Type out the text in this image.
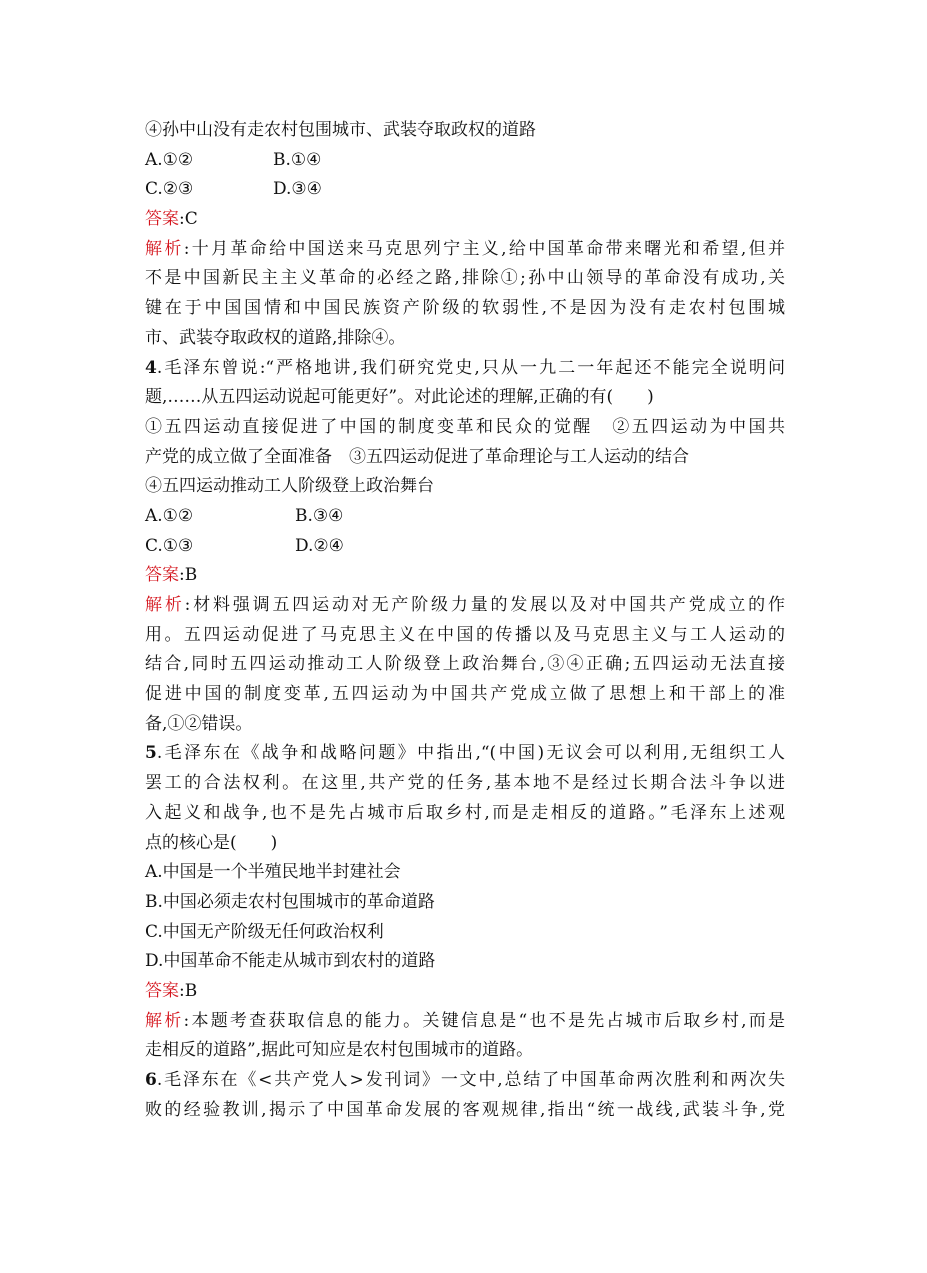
④孙中山没有走农村包围城市、武装夺取政权的道路
A.①②	B.①④
C.②③	D.③④
答案:C
解析:十月革命给中国送来马克思列宁主义,给中国革命带来曙光和希望,但并
不是中国新民主主义革命的必经之路,排除①;孙中山领导的革命没有成功,关
键在于中国国情和中国民族资产阶级的软弱性,不是因为没有走农村包围城
市、武装夺取政权的道路,排除④。
4.毛泽东曾说:“严格地讲,我们研究党史,只从一九二一年起还不能完全说明问
题,……从五四运动说起可能更好”。对此论述的理解,正确的有(　　)
①五四运动直接促进了中国的制度变革和民众的觉醒　②五四运动为中国共
产党的成立做了全面准备　③五四运动促进了革命理论与工人运动的结合
④五四运动推动工人阶级登上政治舞台
A.①②	B.③④
C.①③	D.②④
答案:B
解析:材料强调五四运动对无产阶级力量的发展以及对中国共产党成立的作
用。五四运动促进了马克思主义在中国的传播以及马克思主义与工人运动的
结合,同时五四运动推动工人阶级登上政治舞台,③④正确;五四运动无法直接
促进中国的制度变革,五四运动为中国共产党成立做了思想上和干部上的准
备,①②错误。
5.毛泽东在《战争和战略问题》中指出,“(中国)无议会可以利用,无组织工人
罢工的合法权利。在这里,共产党的任务,基本地不是经过长期合法斗争以进
入起义和战争,也不是先占城市后取乡村,而是走相反的道路。”毛泽东上述观
点的核心是(　　)
A.中国是一个半殖民地半封建社会
B.中国必须走农村包围城市的革命道路
C.中国无产阶级无任何政治权利
D.中国革命不能走从城市到农村的道路
答案:B
解析:本题考查获取信息的能力。关键信息是“也不是先占城市后取乡村,而是
走相反的道路”,据此可知应是农村包围城市的道路。
6.毛泽东在《<共产党人>发刊词》一文中,总结了中国革命两次胜利和两次失
败的经验教训,揭示了中国革命发展的客观规律,指出“统一战线,武装斗争,党
